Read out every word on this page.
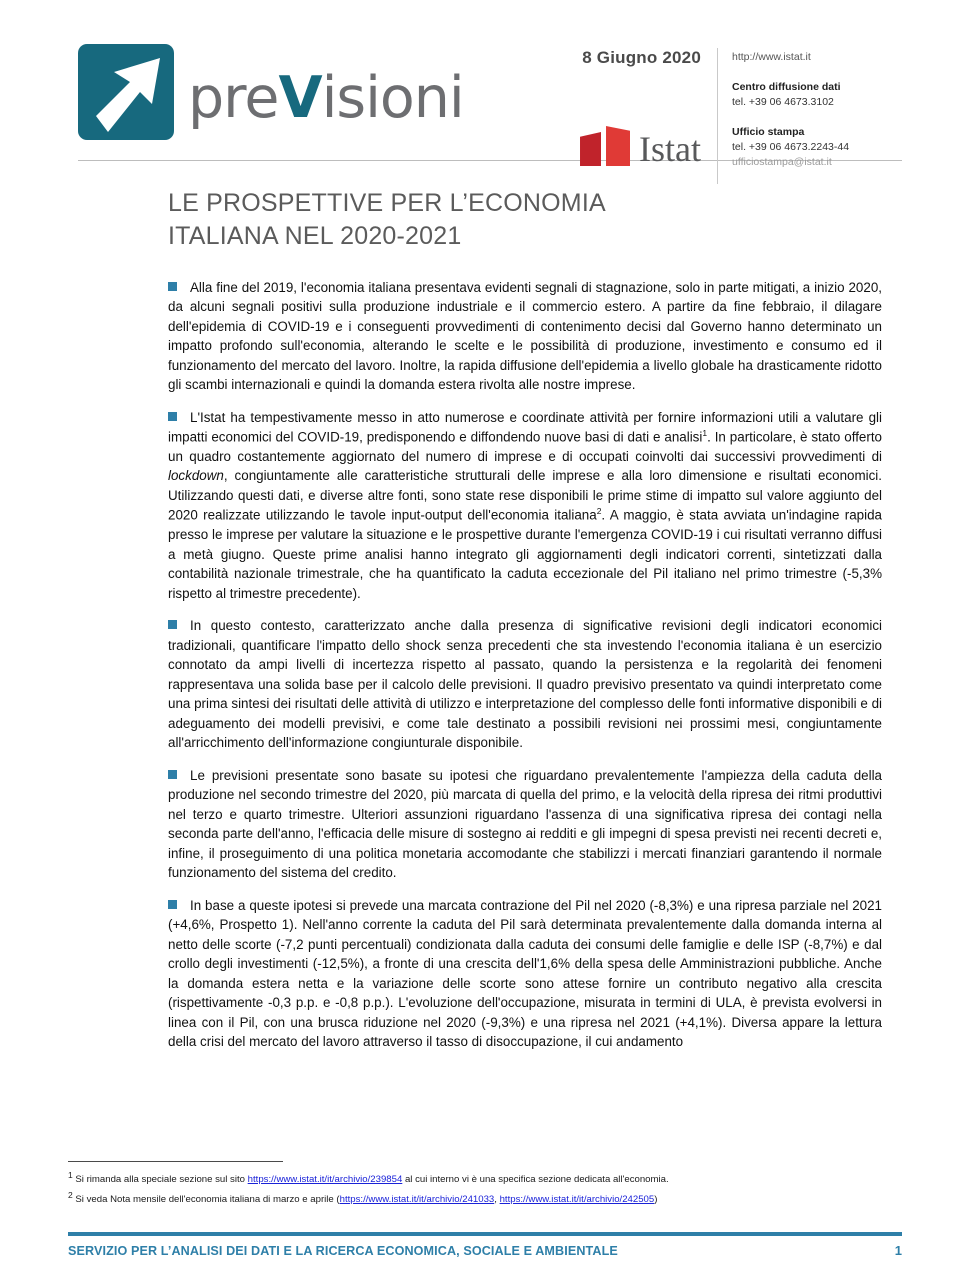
preVisioni
8 Giugno 2020
Istat
http://www.istat.it
Centro diffusione dati
tel. +39 06 4673.3102
Ufficio stampa
tel. +39 06 4673.2243-44
ufficiostampa@istat.it
LE PROSPETTIVE PER L’ECONOMIA
ITALIANA NEL 2020-2021

Alla fine del 2019, l'economia italiana presentava evidenti segnali di stagnazione, solo in parte mitigati, a inizio 2020, da alcuni segnali positivi sulla produzione industriale e il commercio estero. A partire da fine febbraio, il dilagare dell'epidemia di COVID-19 e i conseguenti provvedimenti di contenimento decisi dal Governo hanno determinato un impatto profondo sull'economia, alterando le scelte e le possibilità di produzione, investimento e consumo ed il funzionamento del mercato del lavoro. Inoltre, la rapida diffusione dell'epidemia a livello globale ha drasticamente ridotto gli scambi internazionali e quindi la domanda estera rivolta alle nostre imprese.

L'Istat ha tempestivamente messo in atto numerose e coordinate attività per fornire informazioni utili a valutare gli impatti economici del COVID-19, predisponendo e diffondendo nuove basi di dati e analisi$^1$. In particolare, è stato offerto un quadro costantemente aggiornato del numero di imprese e di occupati coinvolti dai successivi provvedimenti di lockdown, congiuntamente alle caratteristiche strutturali delle imprese e alla loro dimensione e risultati economici. Utilizzando questi dati, e diverse altre fonti, sono state rese disponibili le prime stime di impatto sul valore aggiunto del 2020 realizzate utilizzando le tavole input-output dell'economia italiana$^2$. A maggio, è stata avviata un'indagine rapida presso le imprese per valutare la situazione e le prospettive durante l'emergenza COVID-19 i cui risultati verranno diffusi a metà giugno. Queste prime analisi hanno integrato gli aggiornamenti degli indicatori correnti, sintetizzati dalla contabilità nazionale trimestrale, che ha quantificato la caduta eccezionale del Pil italiano nel primo trimestre (-5,3% rispetto al trimestre precedente).

In questo contesto, caratterizzato anche dalla presenza di significative revisioni degli indicatori economici tradizionali, quantificare l'impatto dello shock senza precedenti che sta investendo l'economia italiana è un esercizio connotato da ampi livelli di incertezza rispetto al passato, quando la persistenza e la regolarità dei fenomeni rappresentava una solida base per il calcolo delle previsioni. Il quadro previsivo presentato va quindi interpretato come una prima sintesi dei risultati delle attività di utilizzo e interpretazione del complesso delle fonti informative disponibili e di adeguamento dei modelli previsivi, e come tale destinato a possibili revisioni nei prossimi mesi, congiuntamente all'arricchimento dell'informazione congiunturale disponibile.

Le previsioni presentate sono basate su ipotesi che riguardano prevalentemente l'ampiezza della caduta della produzione nel secondo trimestre del 2020, più marcata di quella del primo, e la velocità della ripresa dei ritmi produttivi nel terzo e quarto trimestre. Ulteriori assunzioni riguardano l'assenza di una significativa ripresa dei contagi nella seconda parte dell'anno, l'efficacia delle misure di sostegno ai redditi e gli impegni di spesa previsti nei recenti decreti e, infine, il proseguimento di una politica monetaria accomodante che stabilizzi i mercati finanziari garantendo il normale funzionamento del sistema del credito.

In base a queste ipotesi si prevede una marcata contrazione del Pil nel 2020 (-8,3%) e una ripresa parziale nel 2021 (+4,6%, Prospetto 1). Nell'anno corrente la caduta del Pil sarà determinata prevalentemente dalla domanda interna al netto delle scorte (-7,2 punti percentuali) condizionata dalla caduta dei consumi delle famiglie e delle ISP (-8,7%) e dal crollo degli investimenti (-12,5%), a fronte di una crescita dell'1,6% della spesa delle Amministrazioni pubbliche. Anche la domanda estera netta e la variazione delle scorte sono attese fornire un contributo negativo alla crescita (rispettivamente -0,3 p.p. e -0,8 p.p.). L'evoluzione dell'occupazione, misurata in termini di ULA, è prevista evolversi in linea con il Pil, con una brusca riduzione nel 2020 (-9,3%) e una ripresa nel 2021 (+4,1%). Diversa appare la lettura della crisi del mercato del lavoro attraverso il tasso di disoccupazione, il cui andamento

$^1$ Si rimanda alla speciale sezione sul sito https://www.istat.it/it/archivio/239854 al cui interno vi è una specifica sezione dedicata all'economia.
$^2$ Si veda Nota mensile dell'economia italiana di marzo e aprile (https://www.istat.it/it/archivio/241033, https://www.istat.it/it/archivio/242505)
SERVIZIO PER L’ANALISI DEI DATI E LA RICERCA ECONOMICA, SOCIALE E AMBIENTALE	1
